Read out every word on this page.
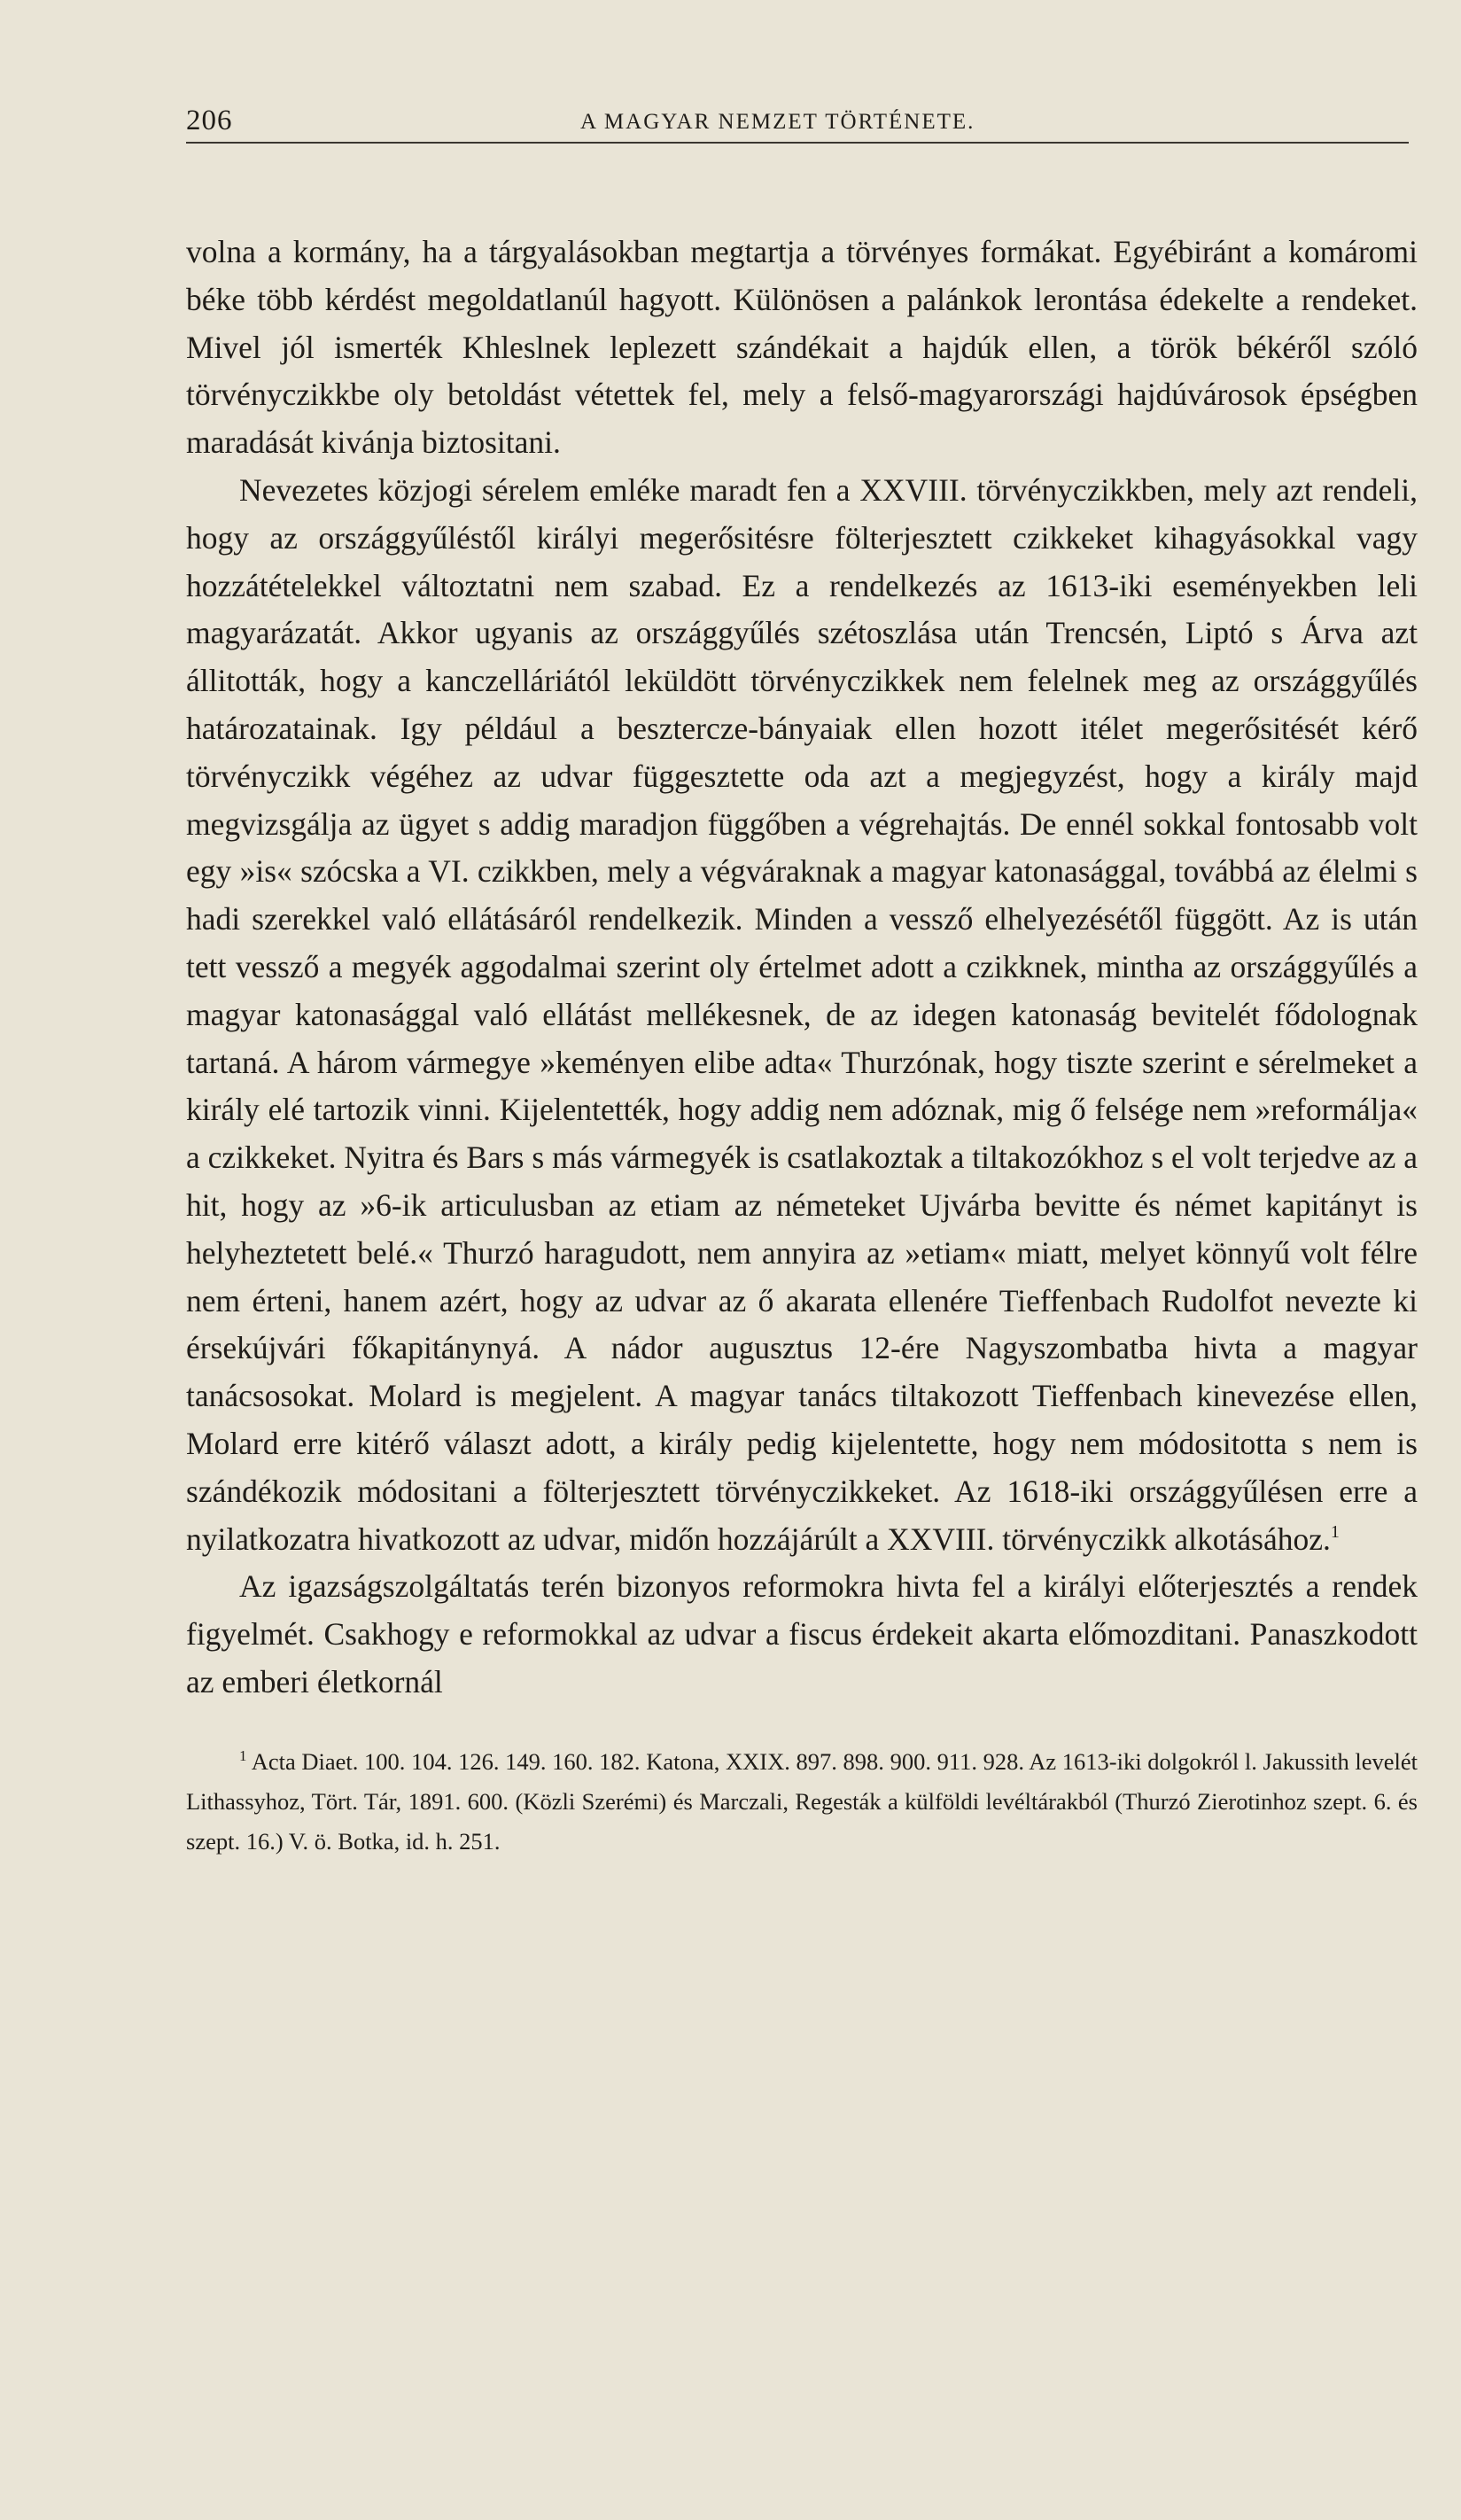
206	A MAGYAR NEMZET TÖRTÉNETE.

volna a kormány, ha a tárgyalásokban megtartja a törvényes formákat. Egyébiránt a komáromi béke több kérdést megoldatlanúl hagyott. Különösen a palánkok lerontása édekelte a rendeket. Mivel jól ismerték Khleslnek leplezett szándékait a hajdúk ellen, a török békéről szóló törvényczikkbe oly betoldást vétettek fel, mely a felső-magyarországi hajdúvárosok épségben maradását kivánja biztositani.

Nevezetes közjogi sérelem emléke maradt fen a XXVIII. törvényczikkben, mely azt rendeli, hogy az országgyűléstől királyi megerősitésre fölterjesztett czikkeket kihagyásokkal vagy hozzátételekkel változtatni nem szabad. Ez a rendelkezés az 1613-iki eseményekben leli magyarázatát. Akkor ugyanis az országgyűlés szétoszlása után Trencsén, Liptó s Árva azt állitották, hogy a kanczelláriától leküldött törvényczikkek nem felelnek meg az országgyűlés határozatainak. Igy például a besztercze-bányaiak ellen hozott itélet megerősitését kérő törvényczikk végéhez az udvar függesztette oda azt a megjegyzést, hogy a király majd megvizsgálja az ügyet s addig maradjon függőben a végrehajtás. De ennél sokkal fontosabb volt egy »is« szócska a VI. czikkben, mely a végváraknak a magyar katonasággal, továbbá az élelmi s hadi szerekkel való ellátásáról rendelkezik. Minden a vessző elhelyezésétől függött. Az is után tett vessző a megyék aggodalmai szerint oly értelmet adott a czikknek, mintha az országgyűlés a magyar katonasággal való ellátást mellékesnek, de az idegen katonaság bevitelét fődolognak tartaná. A három vármegye »keményen elibe adta« Thurzónak, hogy tiszte szerint e sérelmeket a király elé tartozik vinni. Kijelentették, hogy addig nem adóznak, mig ő felsége nem »reformálja« a czikkeket. Nyitra és Bars s más vármegyék is csatlakoztak a tiltakozókhoz s el volt terjedve az a hit, hogy az »6-ik articulusban az etiam az németeket Ujvárba bevitte és német kapitányt is helyheztetett belé.« Thurzó haragudott, nem annyira az »etiam« miatt, melyet könnyű volt félre nem érteni, hanem azért, hogy az udvar az ő akarata ellenére Tieffenbach Rudolfot nevezte ki érsekújvári főkapitánynyá. A nádor augusztus 12-ére Nagyszombatba hivta a magyar tanácsosokat. Molard is megjelent. A magyar tanács tiltakozott Tieffenbach kinevezése ellen, Molard erre kitérő választ adott, a király pedig kijelentette, hogy nem módositotta s nem is szándékozik módositani a fölterjesztett törvényczikkeket. Az 1618-iki országgyűlésen erre a nyilatkozatra hivatkozott az udvar, midőn hozzájárúlt a XXVIII. törvényczikk alkotásához.$^1$

Az igazságszolgáltatás terén bizonyos reformokra hivta fel a királyi előterjesztés a rendek figyelmét. Csakhogy e reformokkal az udvar a fiscus érdekeit akarta előmozditani. Panaszkodott az emberi életkornál

$^1$ Acta Diaet. 100. 104. 126. 149. 160. 182. Katona, XXIX. 897. 898. 900. 911. 928. Az 1613-iki dolgokról l. Jakussith levelét Lithassyhoz, Tört. Tár, 1891. 600. (Közli Szerémi) és Marczali, Regesták a külföldi levéltárakból (Thurzó Zierotinhoz szept. 6. és szept. 16.) V. ö. Botka, id. h. 251.
